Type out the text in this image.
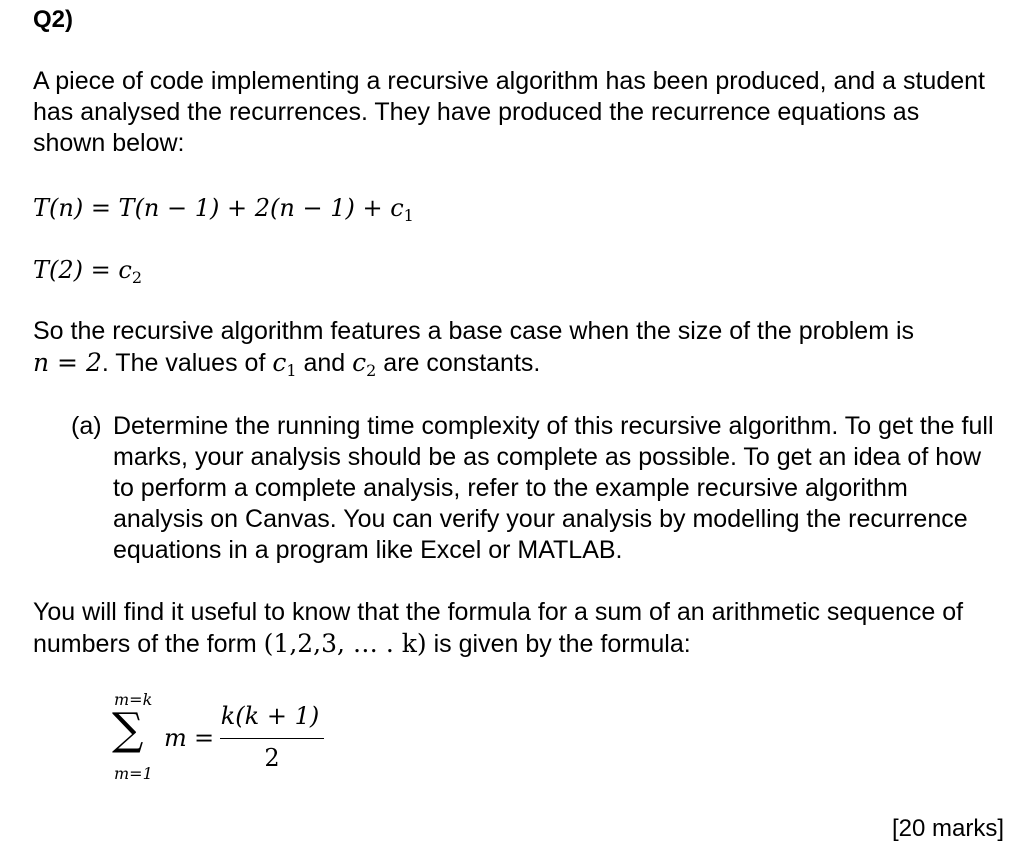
Q2)

A piece of code implementing a recursive algorithm has been produced, and a student has analysed the recurrences. They have produced the recurrence equations as shown below:

$T(n) = T(n - 1) + 2(n - 1) + c_1$
$T(2) = c_2$

So the recursive algorithm features a base case when the size of the problem is
n = 2. The values of $c_1$ and $c_2$ are constants.

(a) Determine the running time complexity of this recursive algorithm. To get the full marks, your analysis should be as complete as possible. To get an idea of how to perform a complete analysis, refer to the example recursive algorithm analysis on Canvas. You can verify your analysis by modelling the recurrence equations in a program like Excel or MATLAB.

You will find it useful to know that the formula for a sum of an arithmetic sequence of numbers of the form (1,2,3, … . k) is given by the formula:

m=k
∑
m=1
m =
k(k + 1)
2
[20 marks]
